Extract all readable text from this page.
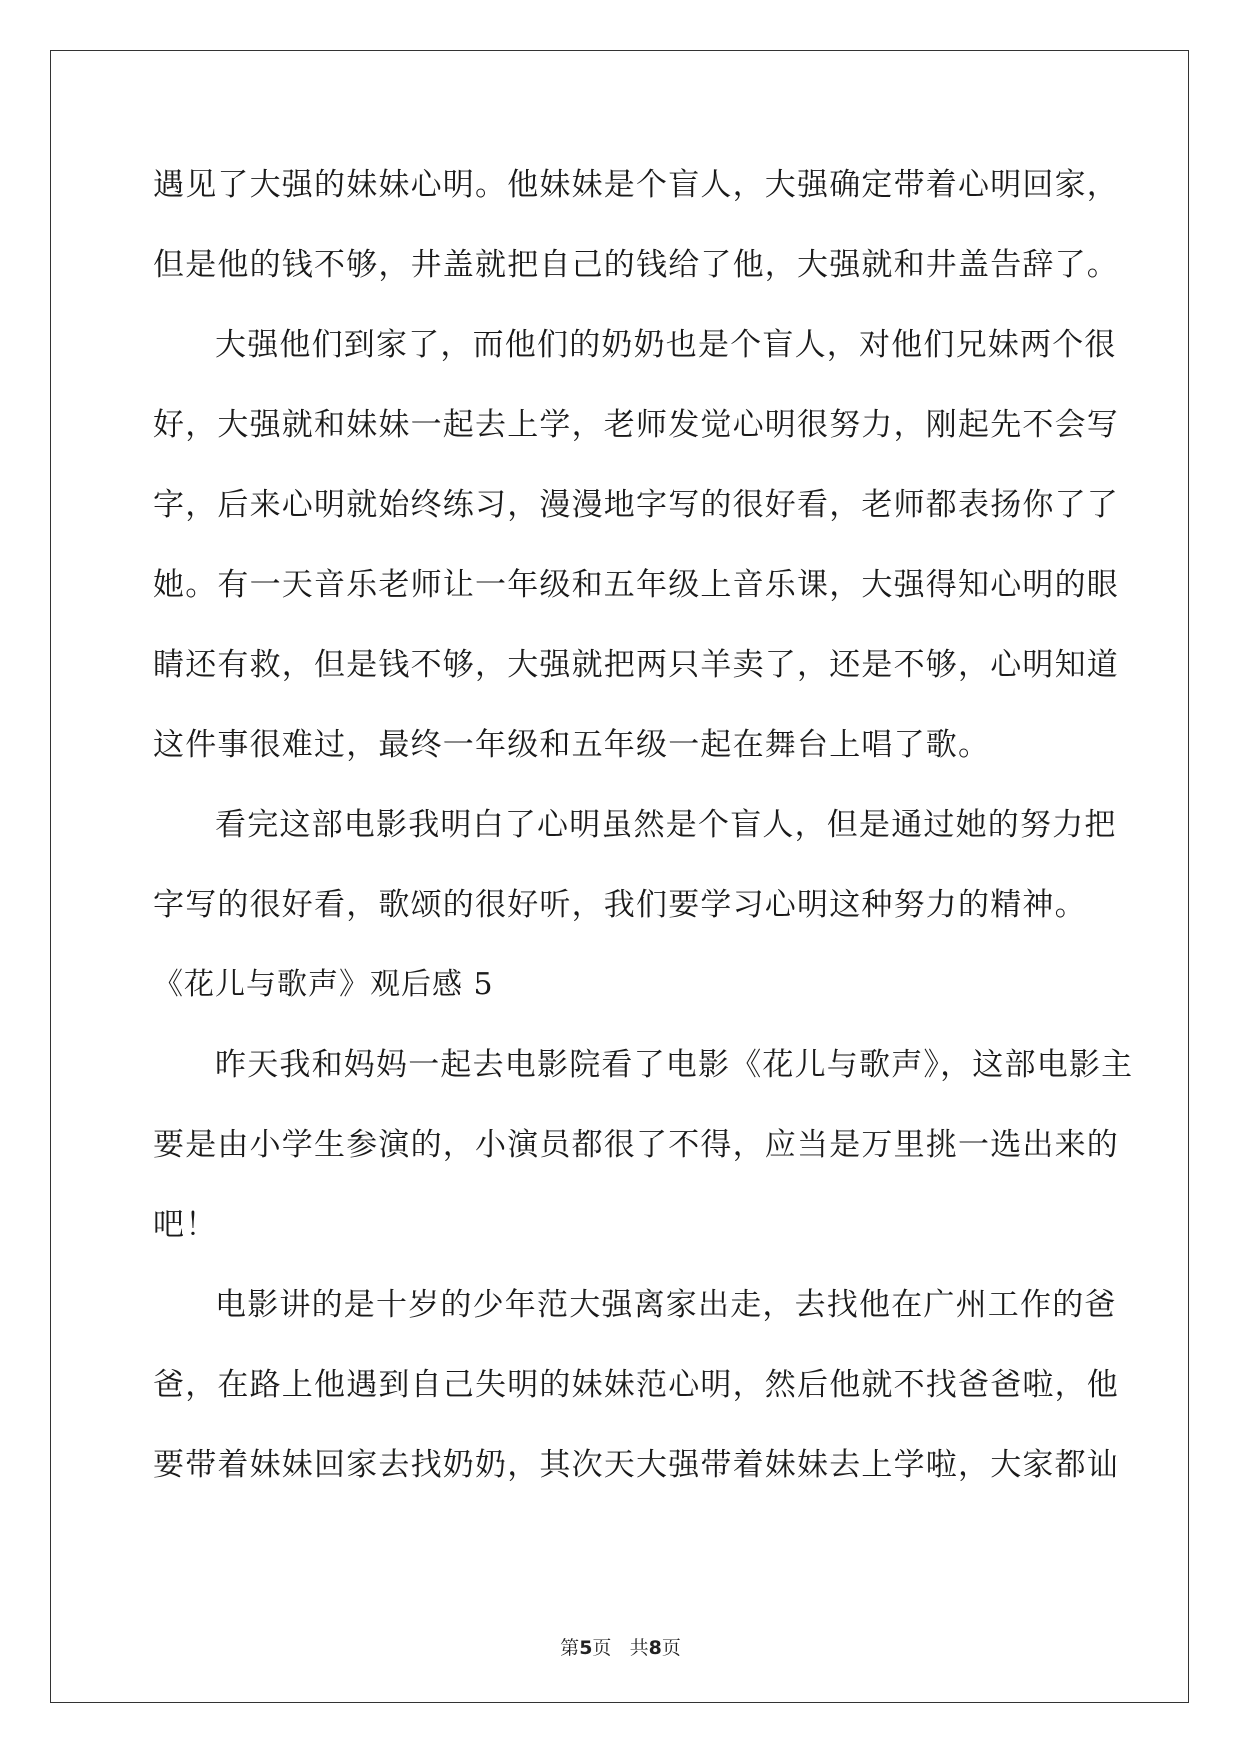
遇见了大强的妹妹心明。他妹妹是个盲人，大强确定带着心明回家，
但是他的钱不够，井盖就把自己的钱给了他，大强就和井盖告辞了。
大强他们到家了，而他们的奶奶也是个盲人，对他们兄妹两个很
好，大强就和妹妹一起去上学，老师发觉心明很努力，刚起先不会写
字，后来心明就始终练习，漫漫地字写的很好看，老师都表扬你了了
她。有一天音乐老师让一年级和五年级上音乐课，大强得知心明的眼
睛还有救，但是钱不够，大强就把两只羊卖了，还是不够，心明知道
这件事很难过，最终一年级和五年级一起在舞台上唱了歌。
看完这部电影我明白了心明虽然是个盲人，但是通过她的努力把
字写的很好看，歌颂的很好听，我们要学习心明这种努力的精神。
《花儿与歌声》观后感 5
昨天我和妈妈一起去电影院看了电影《花儿与歌声》，这部电影主
要是由小学生参演的，小演员都很了不得，应当是万里挑一选出来的
吧！
电影讲的是十岁的少年范大强离家出走，去找他在广州工作的爸
爸，在路上他遇到自己失明的妹妹范心明，然后他就不找爸爸啦，他
要带着妹妹回家去找奶奶，其次天大强带着妹妹去上学啦，大家都讪
第5页 共8页
